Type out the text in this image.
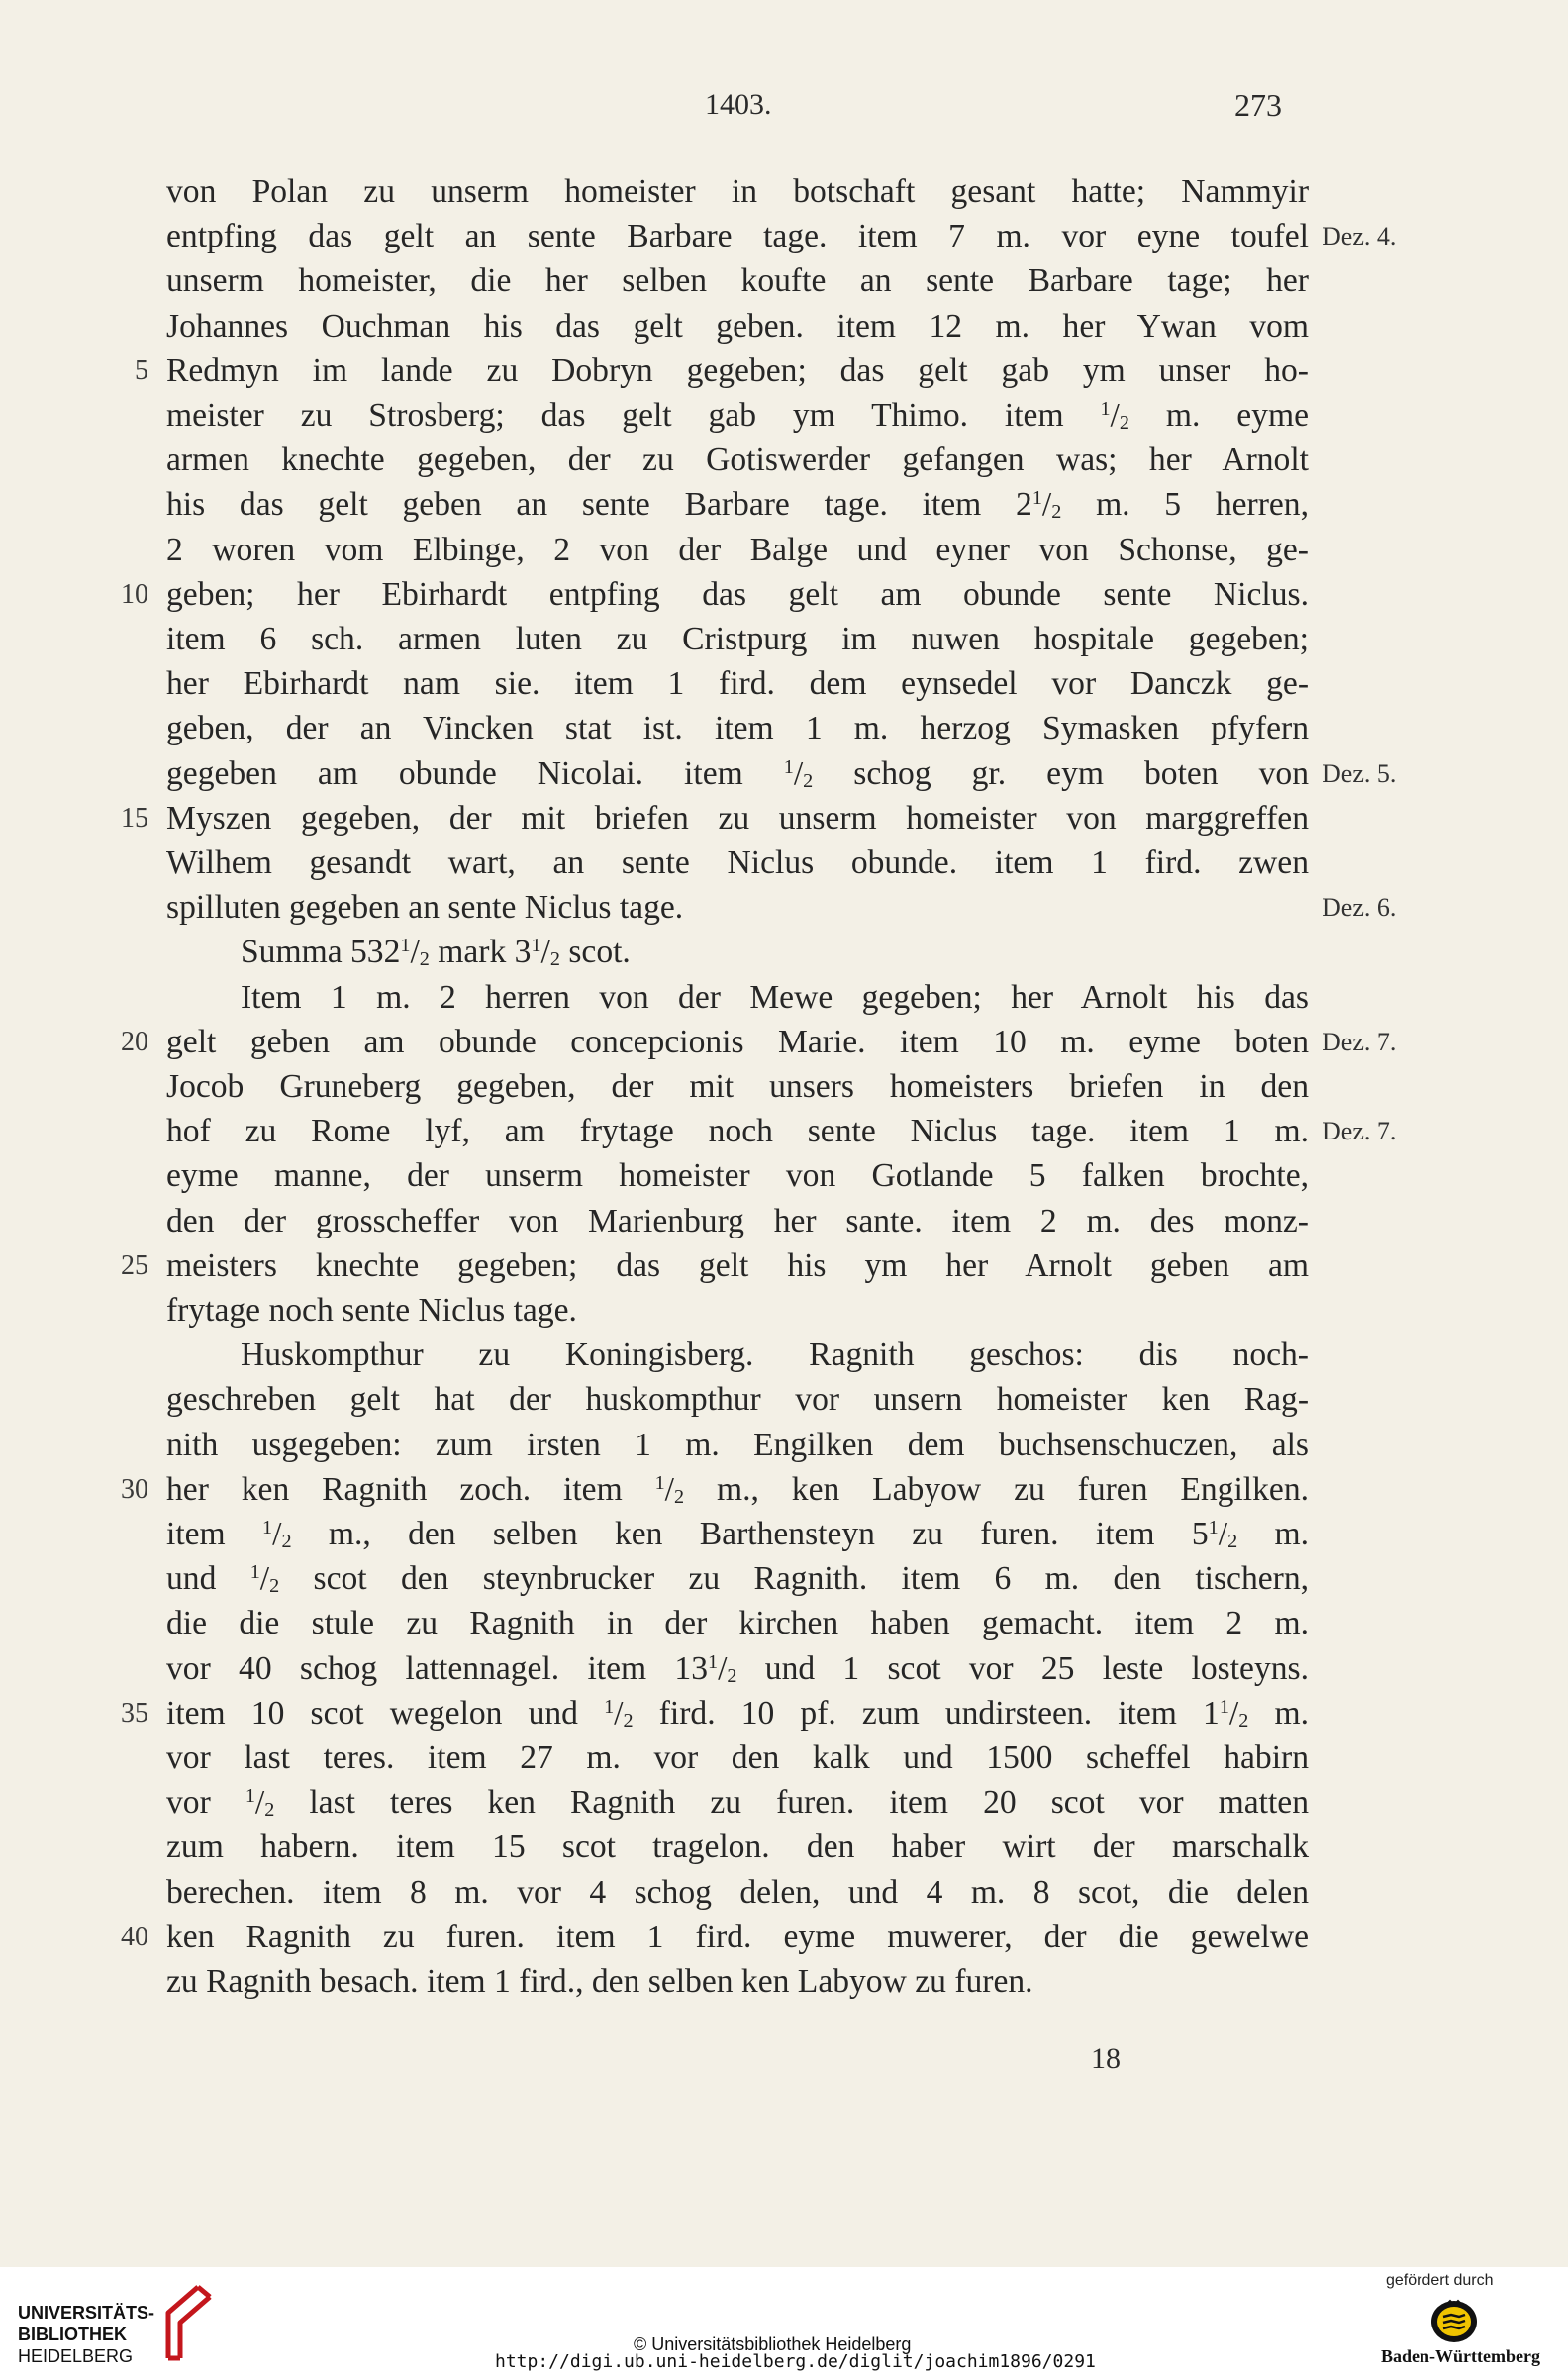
1403.	273
von Polan zu unserm homeister in botschaft gesant hatte; Nammyir
entpfing das gelt an sente Barbare tage. item 7 m. vor eyne toufel Dez. 4.
unserm homeister, die her selben koufte an sente Barbare tage; her
Johannes Ouchman his das gelt geben. item 12 m. her Ywan vom
5 Redmyn im lande zu Dobryn gegeben; das gelt gab ym unser ho-
meister zu Strosberg; das gelt gab ym Thimo. item $^1/_2$ m. eyme
armen knechte gegeben, der zu Gotiswerder gefangen was; her Arnolt
his das gelt geben an sente Barbare tage. item $2^1/_2$ m. 5 herren,
2 woren vom Elbinge, 2 von der Balge und eyner von Schonse, ge-
10 geben; her Ebirhardt entpfing das gelt am obunde sente Niclus.
item 6 sch. armen luten zu Cristpurg im nuwen hospitale gegeben;
her Ebirhardt nam sie. item 1 fird. dem eynsedel vor Danczk ge-
geben, der an Vincken stat ist. item 1 m. herzog Symasken pfyfern
gegeben am obunde Nicolai. item $^1/_2$ schog gr. eym boten von Dez. 5.
15 Myszen gegeben, der mit briefen zu unserm homeister von marggreffen
Wilhem gesandt wart, an sente Niclus obunde. item 1 fird. zwen
spilluten gegeben an sente Niclus tage.	Dez. 6.
Summa $532^1/_2$ mark $3^1/_2$ scot.
Item 1 m. 2 herren von der Mewe gegeben; her Arnolt his das
20 gelt geben am obunde concepcionis Marie. item 10 m. eyme boten Dez. 7.
Jocob Gruneberg gegeben, der mit unsers homeisters briefen in den
hof zu Rome lyf, am frytage noch sente Niclus tage. item 1 m. Dez. 7.
eyme manne, der unserm homeister von Gotlande 5 falken brochte,
den der grosscheffer von Marienburg her sante. item 2 m. des monz-
25 meisters knechte gegeben; das gelt his ym her Arnolt geben am
frytage noch sente Niclus tage.
Huskompthur zu Koningisberg. Ragnith geschos: dis noch-
geschreben gelt hat der huskompthur vor unsern homeister ken Rag-
nith usgegeben: zum irsten 1 m. Engilken dem buchsenschuczen, als
30 her ken Ragnith zoch. item $^1/_2$ m., ken Labyow zu furen Engilken.
item $^1/_2$ m., den selben ken Barthensteyn zu furen. item $5^1/_2$ m.
und $^1/_2$ scot den steynbrucker zu Ragnith. item 6 m. den tischern,
die die stule zu Ragnith in der kirchen haben gemacht. item 2 m.
vor 40 schog lattennagel. item $13^1/_2$ und 1 scot vor 25 leste losteyns.
35 item 10 scot wegelon und $^1/_2$ fird. 10 pf. zum undirsteen. item $1^1/_2$ m.
vor last teres. item 27 m. vor den kalk und 1500 scheffel habirn
vor $^1/_2$ last teres ken Ragnith zu furen. item 20 scot vor matten
zum habern. item 15 scot tragelon. den haber wirt der marschalk
berechen. item 8 m. vor 4 schog delen, und 4 m. 8 scot, die delen
40 ken Ragnith zu furen. item 1 fird. eyme muwerer, der die gewelwe
zu Ragnith besach. item 1 fird., den selben ken Labyow zu furen.
18
UNIVERSITÄTS-
BIBLIOTHEK
HEIDELBERG
© Universitätsbibliothek Heidelberg
http://digi.ub.uni-heidelberg.de/diglit/joachim1896/0291
gefördert durch
Baden-Württemberg
